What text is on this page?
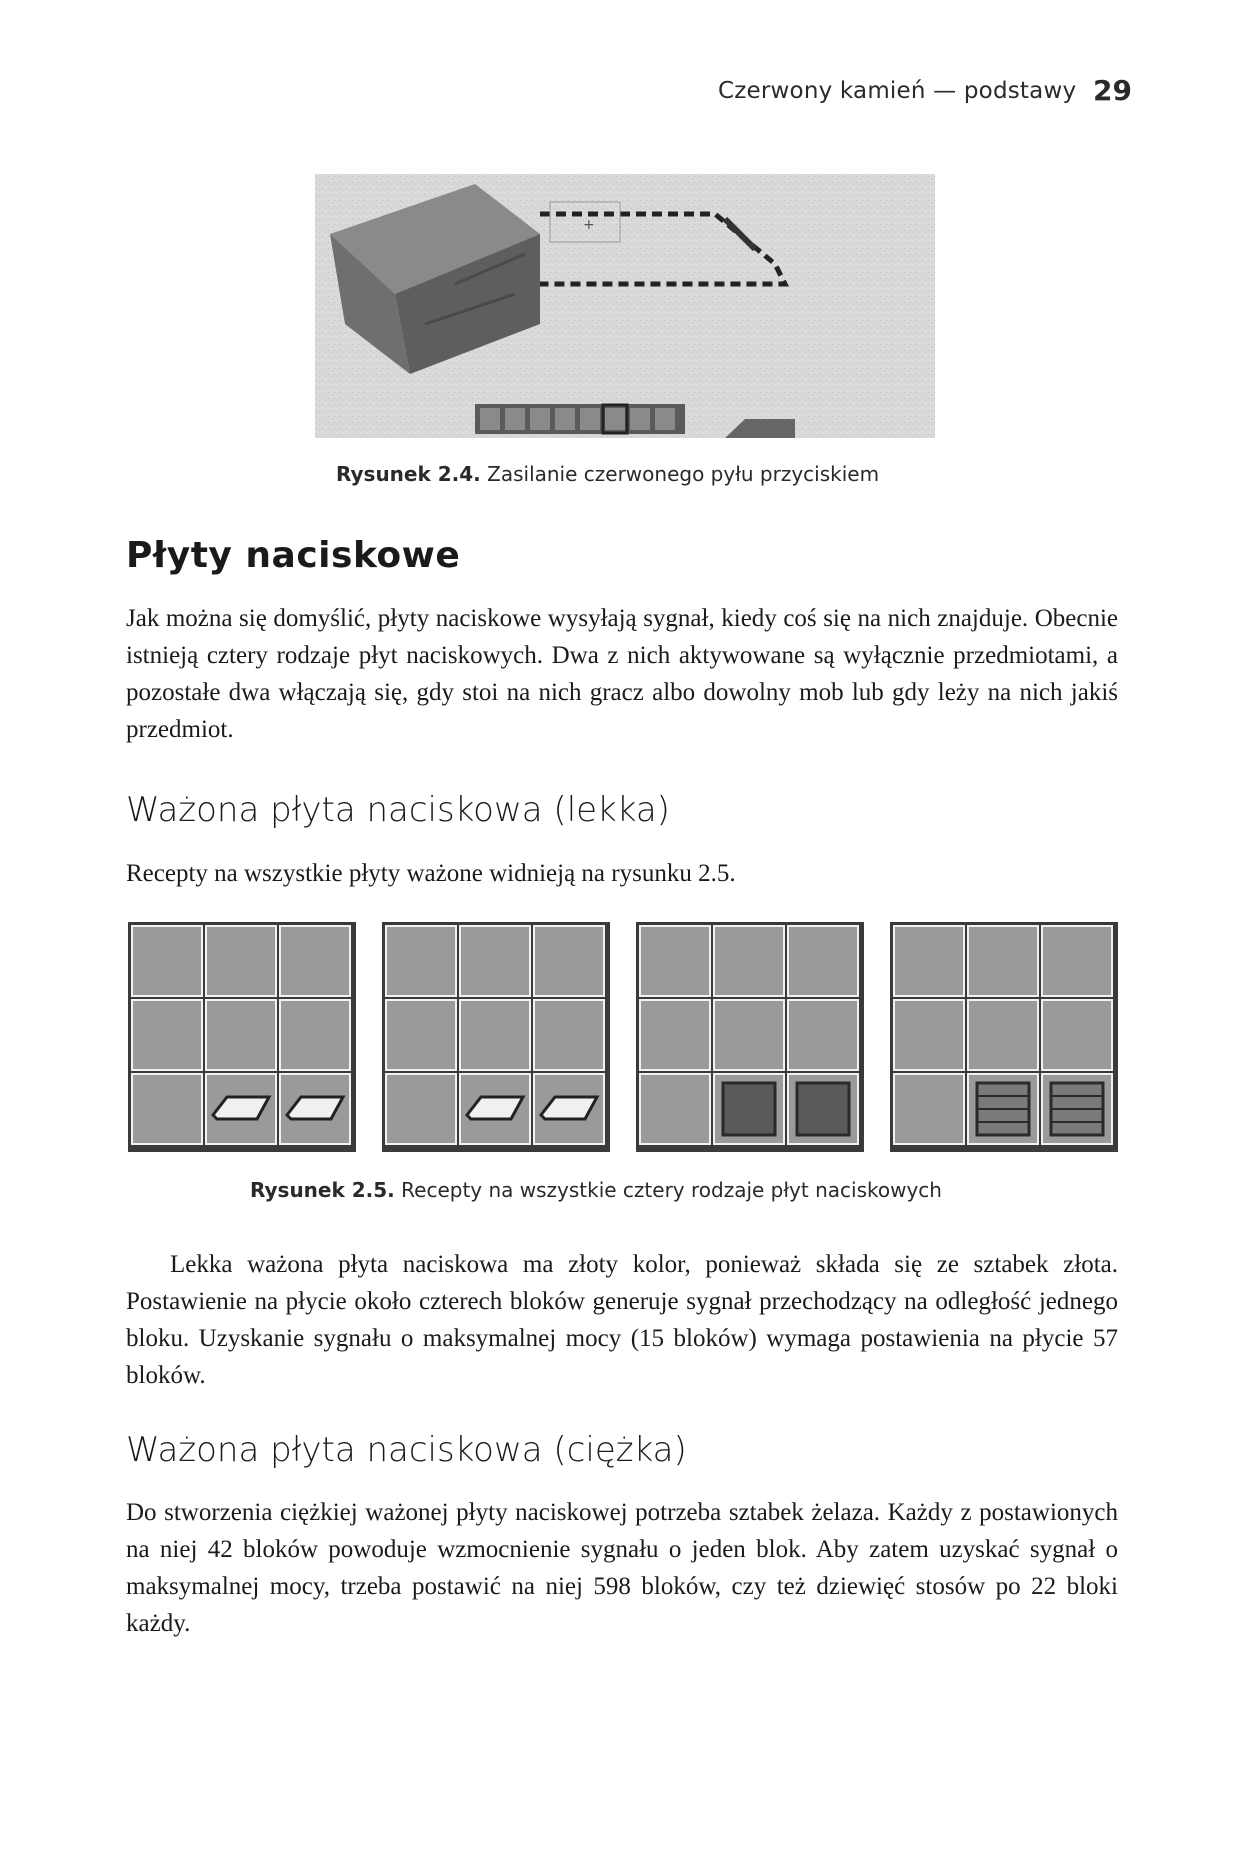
Czerwony kamień — podstawy 29
+
Rysunek 2.4. Zasilanie czerwonego pyłu przyciskiem
Płyty naciskowe
Jak można się domyślić, płyty naciskowe wysyłają sygnał, kiedy coś się na nich znajduje. Obecnie istnieją cztery rodzaje płyt naciskowych. Dwa z nich aktywowane są wyłącznie przedmiotami, a pozostałe dwa włączają się, gdy stoi na nich gracz albo dowolny mob lub gdy leży na nich jakiś przedmiot.
Ważona płyta naciskowa (lekka)
Recepty na wszystkie płyty ważone widnieją na rysunku 2.5.
Rysunek 2.5. Recepty na wszystkie cztery rodzaje płyt naciskowych
Lekka ważona płyta naciskowa ma złoty kolor, ponieważ składa się ze sztabek złota. Postawienie na płycie około czterech bloków generuje sygnał przechodzący na odległość jednego bloku. Uzyskanie sygnału o maksymalnej mocy (15 bloków) wymaga postawienia na płycie 57 bloków.
Ważona płyta naciskowa (ciężka)
Do stworzenia ciężkiej ważonej płyty naciskowej potrzeba sztabek żelaza. Każdy z postawionych na niej 42 bloków powoduje wzmocnienie sygnału o jeden blok. Aby zatem uzyskać sygnał o maksymalnej mocy, trzeba postawić na niej 598 bloków, czy też dziewięć stosów po 22 bloki każdy.
